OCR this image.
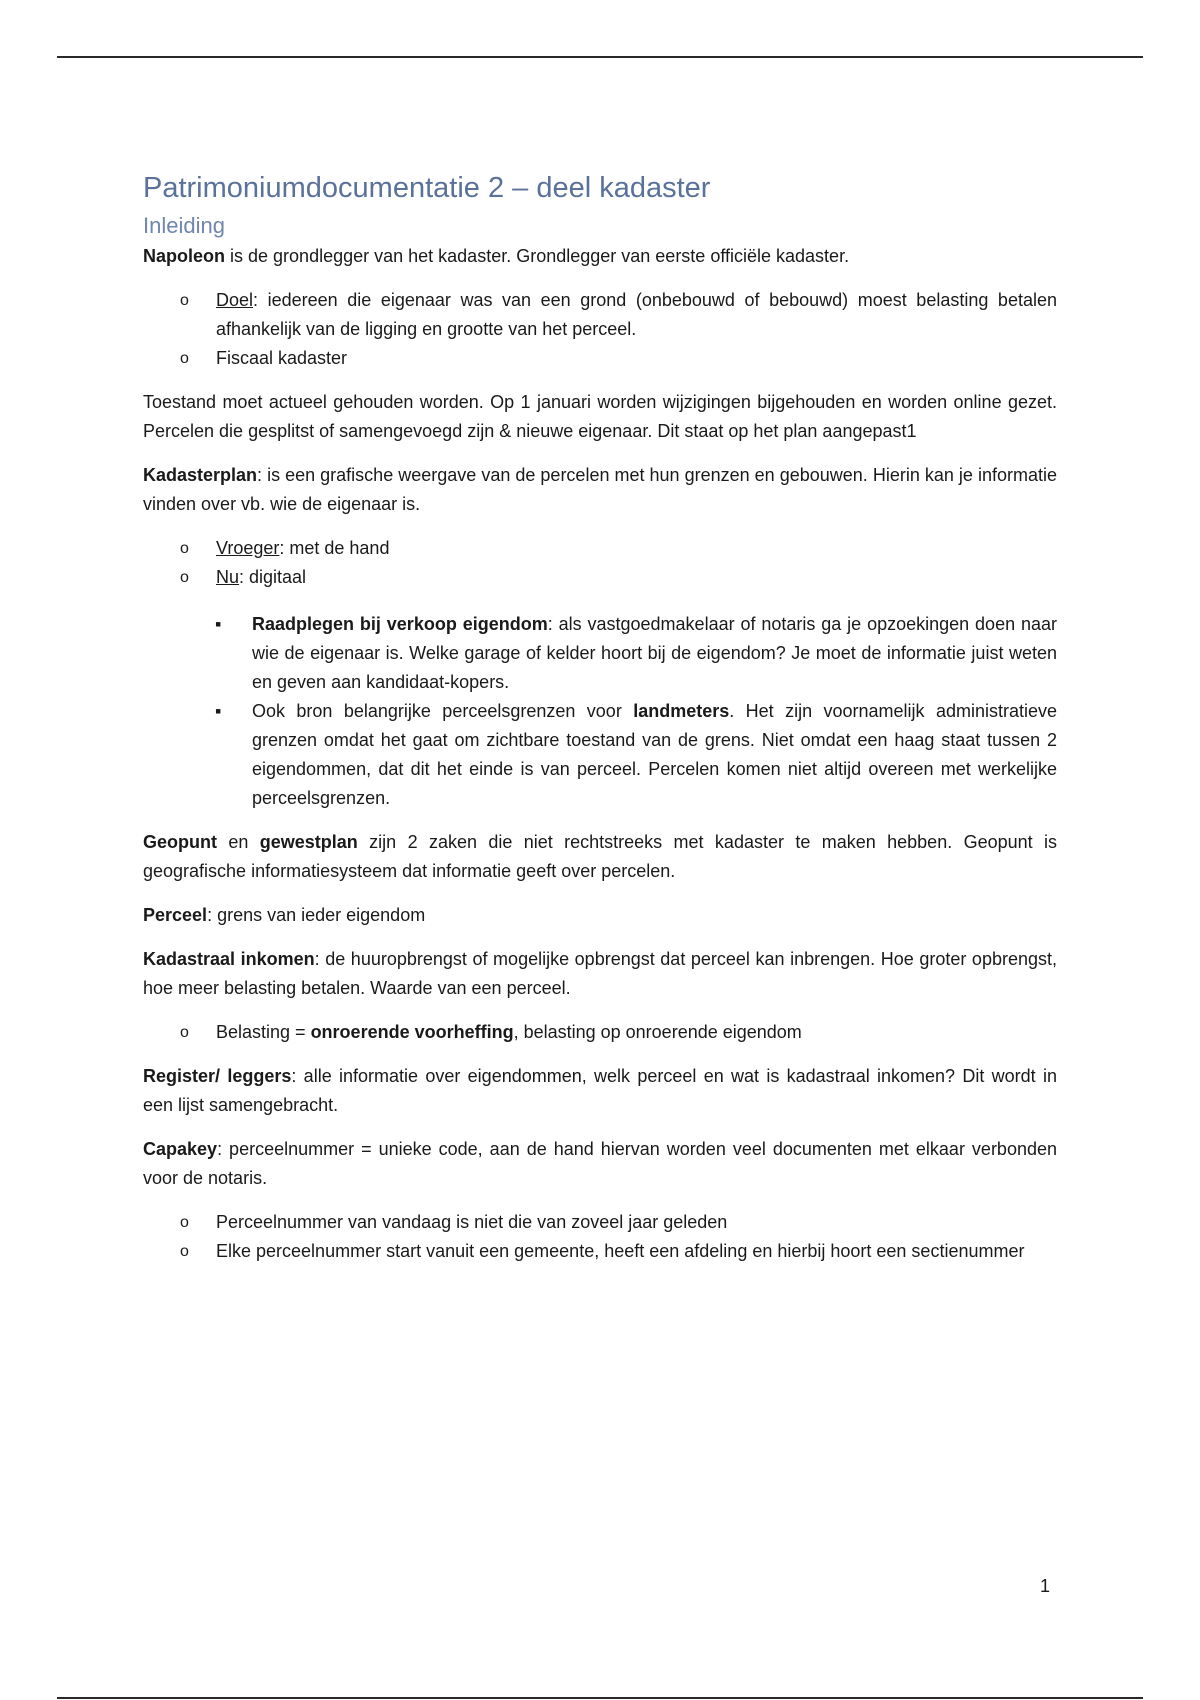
Patrimoniumdocumentatie 2 – deel kadaster
Inleiding

Napoleon is de grondlegger van het kadaster. Grondlegger van eerste officiële kadaster.

o Doel: iedereen die eigenaar was van een grond (onbebouwd of bebouwd) moest belasting betalen afhankelijk van de ligging en grootte van het perceel.
o Fiscaal kadaster

Toestand moet actueel gehouden worden. Op 1 januari worden wijzigingen bijgehouden en worden online gezet. Percelen die gesplitst of samengevoegd zijn & nieuwe eigenaar. Dit staat op het plan aangepast1

Kadasterplan: is een grafische weergave van de percelen met hun grenzen en gebouwen. Hierin kan je informatie vinden over vb. wie de eigenaar is.

o Vroeger: met de hand
o Nu: digitaal
▪ Raadplegen bij verkoop eigendom: als vastgoedmakelaar of notaris ga je opzoekingen doen naar wie de eigenaar is. Welke garage of kelder hoort bij de eigendom? Je moet de informatie juist weten en geven aan kandidaat-kopers.
▪ Ook bron belangrijke perceelsgrenzen voor landmeters. Het zijn voornamelijk administratieve grenzen omdat het gaat om zichtbare toestand van de grens. Niet omdat een haag staat tussen 2 eigendommen, dat dit het einde is van perceel. Percelen komen niet altijd overeen met werkelijke perceelsgrenzen.

Geopunt en gewestplan zijn 2 zaken die niet rechtstreeks met kadaster te maken hebben. Geopunt is geografische informatiesysteem dat informatie geeft over percelen.

Perceel: grens van ieder eigendom

Kadastraal inkomen: de huuropbrengst of mogelijke opbrengst dat perceel kan inbrengen. Hoe groter opbrengst, hoe meer belasting betalen. Waarde van een perceel.

o Belasting = onroerende voorheffing, belasting op onroerende eigendom

Register/ leggers: alle informatie over eigendommen, welk perceel en wat is kadastraal inkomen? Dit wordt in een lijst samengebracht.

Capakey: perceelnummer = unieke code, aan de hand hiervan worden veel documenten met elkaar verbonden voor de notaris.

o Perceelnummer van vandaag is niet die van zoveel jaar geleden
o Elke perceelnummer start vanuit een gemeente, heeft een afdeling en hierbij hoort een sectienummer
1
